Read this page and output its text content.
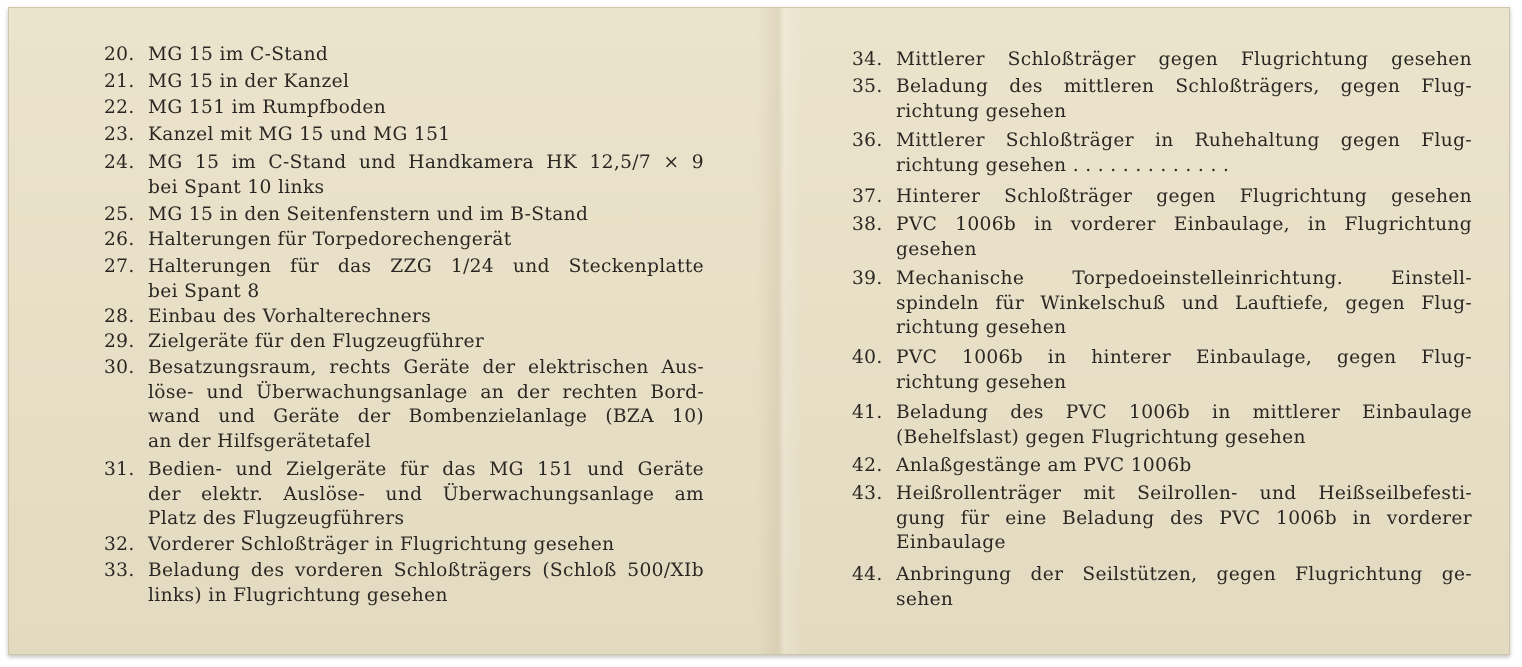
20. MG 15 im C-Stand
21. MG 15 in der Kanzel
22. MG 151 im Rumpfboden
23. Kanzel mit MG 15 und MG 151
24. MG 15 im C-Stand und Handkamera HK 12,5/7 × 9
bei Spant 10 links
25. MG 15 in den Seitenfenstern und im B-Stand
26. Halterungen für Torpedorechengerät
27. Halterungen für das ZZG 1/24 und Steckenplatte
bei Spant 8
28. Einbau des Vorhalterechners
29. Zielgeräte für den Flugzeugführer
30. Besatzungsraum, rechts Geräte der elektrischen Aus-
löse- und Überwachungsanlage an der rechten Bord-
wand und Geräte der Bombenzielanlage (BZA 10)
an der Hilfsgerätetafel
31. Bedien- und Zielgeräte für das MG 151 und Geräte
der elektr. Auslöse- und Überwachungsanlage am
Platz des Flugzeugführers
32. Vorderer Schloßträger in Flugrichtung gesehen
33. Beladung des vorderen Schloßträgers (Schloß 500/XIb
links) in Flugrichtung gesehen
34. Mittlerer Schloßträger gegen Flugrichtung gesehen
35. Beladung des mittleren Schloßträgers, gegen Flug-
richtung gesehen
36. Mittlerer Schloßträger in Ruhehaltung gegen Flug-
richtung gesehen . . . . . . . . . . . . .
37. Hinterer Schloßträger gegen Flugrichtung gesehen
38. PVC 1006b in vorderer Einbaulage, in Flugrichtung
gesehen
39. Mechanische Torpedoeinstelleinrichtung. Einstell-
spindeln für Winkelschuß und Lauftiefe, gegen Flug-
richtung gesehen
40. PVC 1006b in hinterer Einbaulage, gegen Flug-
richtung gesehen
41. Beladung des PVC 1006b in mittlerer Einbaulage
(Behelfslast) gegen Flugrichtung gesehen
42. Anlaßgestänge am PVC 1006b
43. Heißrollenträger mit Seilrollen- und Heißseilbefesti-
gung für eine Beladung des PVC 1006b in vorderer
Einbaulage
44. Anbringung der Seilstützen, gegen Flugrichtung ge-
sehen
